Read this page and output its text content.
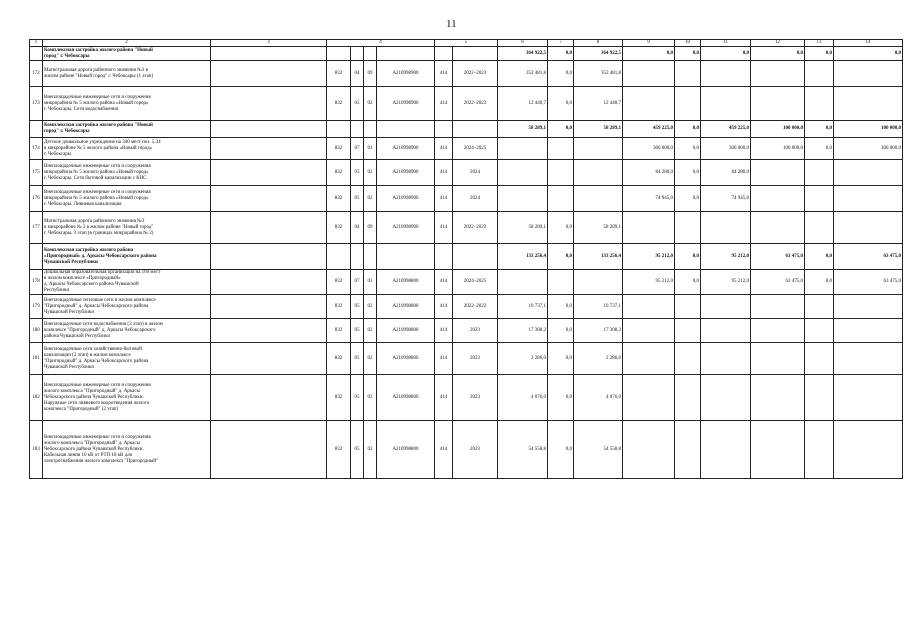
11
1	2	3	4				5		6	7	8	9	10	11	12	13	14
	Комплексная застройка жилого района "Новый
город" г. Чебоксары								364 922,5	0,0	364 922,5	0,0	0,0	0,0	0,0	0,0	0,0
172	Магистральная дорога районного значения №3 в
жилом районе "Новый город" г. Чебоксары (1 этап)		832	04	09	A210998900	414	2022–2023	352 481,8	0,0	352 481,8						
173	Внеплощадочные инженерные сети и сооружения
микрорайона № 5 жилого района «Новый город»
г. Чебоксары. Сети водоснабжения		832	05	02	A210998900	414	2022–2023	12 440,7	0,0	12 440,7						
	Комплексная застройка жилого района "Новый
город" г. Чебоксары								58 289,1	0,0	58 289,1	459 225,0	0,0	459 225,0	100 000,0	0,0	100 000,0
174	Детское дошкольное учреждение на 340 мест поз. 5.34
в микрорайоне № 5 жилого района «Новый город»
г. Чебоксары		832	07	01	A210998900	414	2024–2025				300 000,0	0,0	300 000,0	100 000,0	0,0	100 000,0
175	Внеплощадочные инженерные сети и сооружения
микрорайона № 5 жилого района «Новый город»
г. Чебоксары. Сети бытовой канализации с КНС		832	05	02	A210998900	414	2024				84 280,0	0,0	84 280,0			
176	Внеплощадочные инженерные сети и сооружения
микрорайона № 5 жилого района «Новый город»
г. Чебоксары. Ливневая канализация		832	05	02	A210998900	414	2024				74 945,0	0,0	74 945,0			
177	Магистральная дорога районного значения №3
в микрорайоне № 2 в жилом районе "Новый город"
г. Чебоксары. 3 этап (в границах микрорайона № 2)		832	04	09	A210998900	414	2022–2023	58 289,1	0,0	58 289,1						
	Комплексная застройка жилого района
«Пригородный» д. Аркасы Чебоксарского района
Чувашской Республики								133 256,4	0,0	133 256,4	95 212,0	0,0	95 212,0	63 475,0	0,0	63 475,0
178	Дошкольная образовательная организация на 160 мест
в жилом комплексе «Пригородный»
д. Аркасы Чебоксарского района Чувашской
Республики		832	07	01	A210998800	414	2024–2025				95 212,0	0,0	95 212,0	63 475,0	0,0	63 475,0
179	Внеплощадочные тепловые сети в жилом комплексе
"Пригородный" д. Аркасы Чебоксарского района
Чувашской Республики		832	05	02	A210998800	414	2022–2023	10 737,1	0,0	10 737,1						
180	Внеплощадочные сети водоснабжения (3 этап) в жилом
комплексе "Пригородный" д. Аркасы Чебоксарского
района Чувашской Республики		832	05	02	A210998800	414	2023	17 308,2	0,0	17 308,2						
181	Внеплощадочные сети хозяйственно-бытовой
канализации (2 этап) в жилом комплексе
"Пригородный" д. Аркасы Чебоксарского района
Чувашской Республики		832	05	02	A210998800	414	2023	2 286,0	0,0	2 286,0						
182	Внеплощадочные инженерные сети и сооружения
жилого комплекса "Пригородный" д. Аркасы
Чебоксарского района Чувашской Республики.
Наружные сети ливневого водоотведения жилого
комплекса "Пригородный" (2 этап)		832	05	02	A210998800	414	2023	4 076,0	0,0	4 076,0						
183	Внеплощадочные инженерные сети и сооружения
жилого комплекса "Пригородный" д. Аркасы
Чебоксарского района Чувашской Республики.
Кабельная линия 10 кВ от РТП 10 кВ для
электроснабжения жилого комплекса "Пригородный"		832	05	02	A210998800	414	2023	54 558,8	0,0	54 558,8						
